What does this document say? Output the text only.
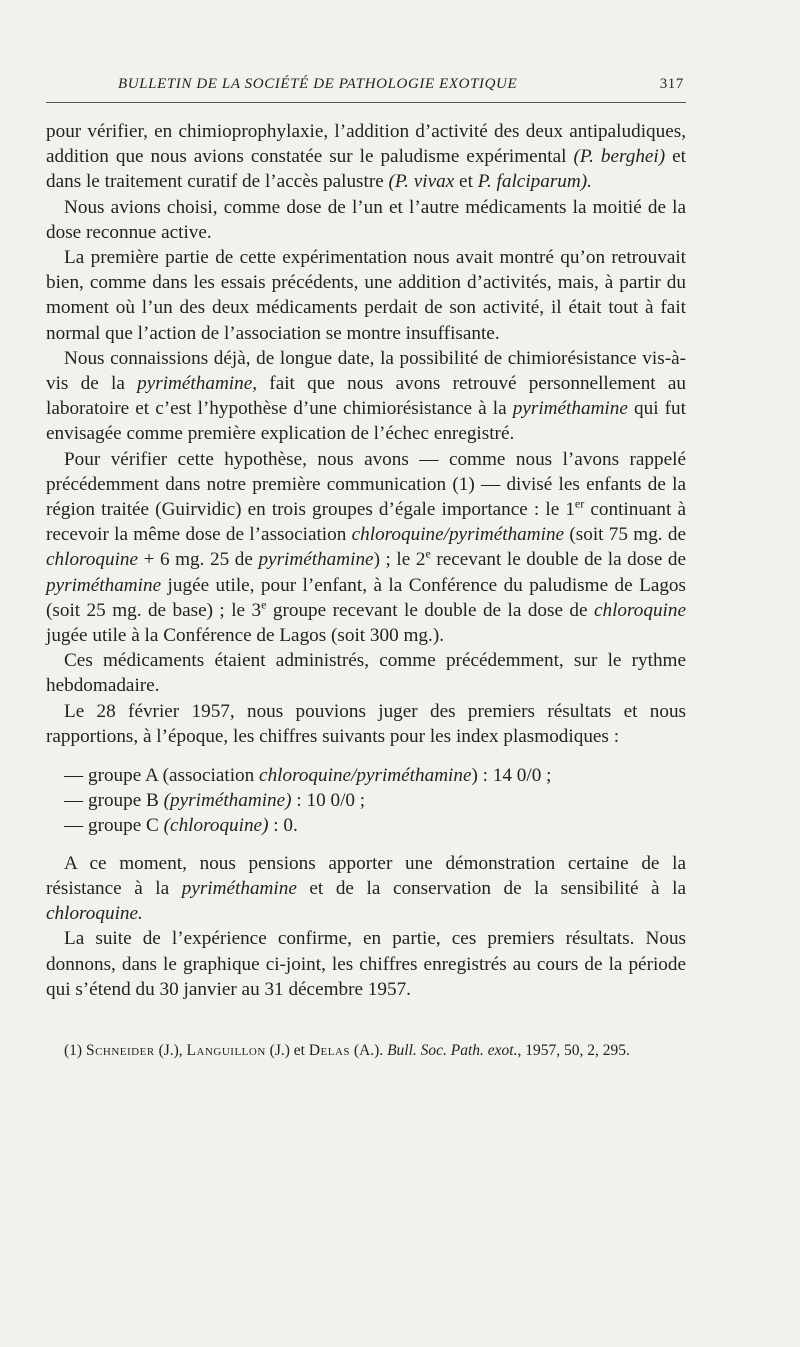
BULLETIN DE LA SOCIÉTÉ DE PATHOLOGIE EXOTIQUE	317

pour vérifier, en chimioprophylaxie, l’addition d’activité des deux antipaludiques, addition que nous avions constatée sur le paludisme expérimental (P. berghei) et dans le traitement curatif de l’accès palustre (P. vivax et P. falciparum).

Nous avions choisi, comme dose de l’un et l’autre médicaments la moitié de la dose reconnue active.

La première partie de cette expérimentation nous avait montré qu’on retrouvait bien, comme dans les essais précédents, une addition d’activités, mais, à partir du moment où l’un des deux médicaments perdait de son activité, il était tout à fait normal que l’action de l’association se montre insuffisante.

Nous connaissions déjà, de longue date, la possibilité de chimiorésistance vis-à-vis de la pyriméthamine, fait que nous avons retrouvé personnellement au laboratoire et c’est l’hypothèse d’une chimiorésistance à la pyriméthamine qui fut envisagée comme première explication de l’échec enregistré.

Pour vérifier cette hypothèse, nous avons — comme nous l’avons rappelé précédemment dans notre première communication (1) — divisé les enfants de la région traitée (Guirvidic) en trois groupes d’égale importance : le 1er continuant à recevoir la même dose de l’association chloroquine/pyriméthamine (soit 75 mg. de chloroquine + 6 mg. 25 de pyriméthamine) ; le 2e recevant le double de la dose de pyriméthamine jugée utile, pour l’enfant, à la Conférence du paludisme de Lagos (soit 25 mg. de base) ; le 3e groupe recevant le double de la dose de chloroquine jugée utile à la Conférence de Lagos (soit 300 mg.).

Ces médicaments étaient administrés, comme précédemment, sur le rythme hebdomadaire.

Le 28 février 1957, nous pouvions juger des premiers résultats et nous rapportions, à l’époque, les chiffres suivants pour les index plasmodiques :

— groupe A (association chloroquine/pyriméthamine) : 14 0/0 ;

— groupe B (pyriméthamine) : 10 0/0 ;

— groupe C (chloroquine) : 0.

A ce moment, nous pensions apporter une démonstration certaine de la résistance à la pyriméthamine et de la conservation de la sensibilité à la chloroquine.

La suite de l’expérience confirme, en partie, ces premiers résultats. Nous donnons, dans le graphique ci-joint, les chiffres enregistrés au cours de la période qui s’étend du 30 janvier au 31 décembre 1957.

(1) Schneider (J.), Languillon (J.) et Delas (A.). Bull. Soc. Path. exot., 1957, 50, 2, 295.
